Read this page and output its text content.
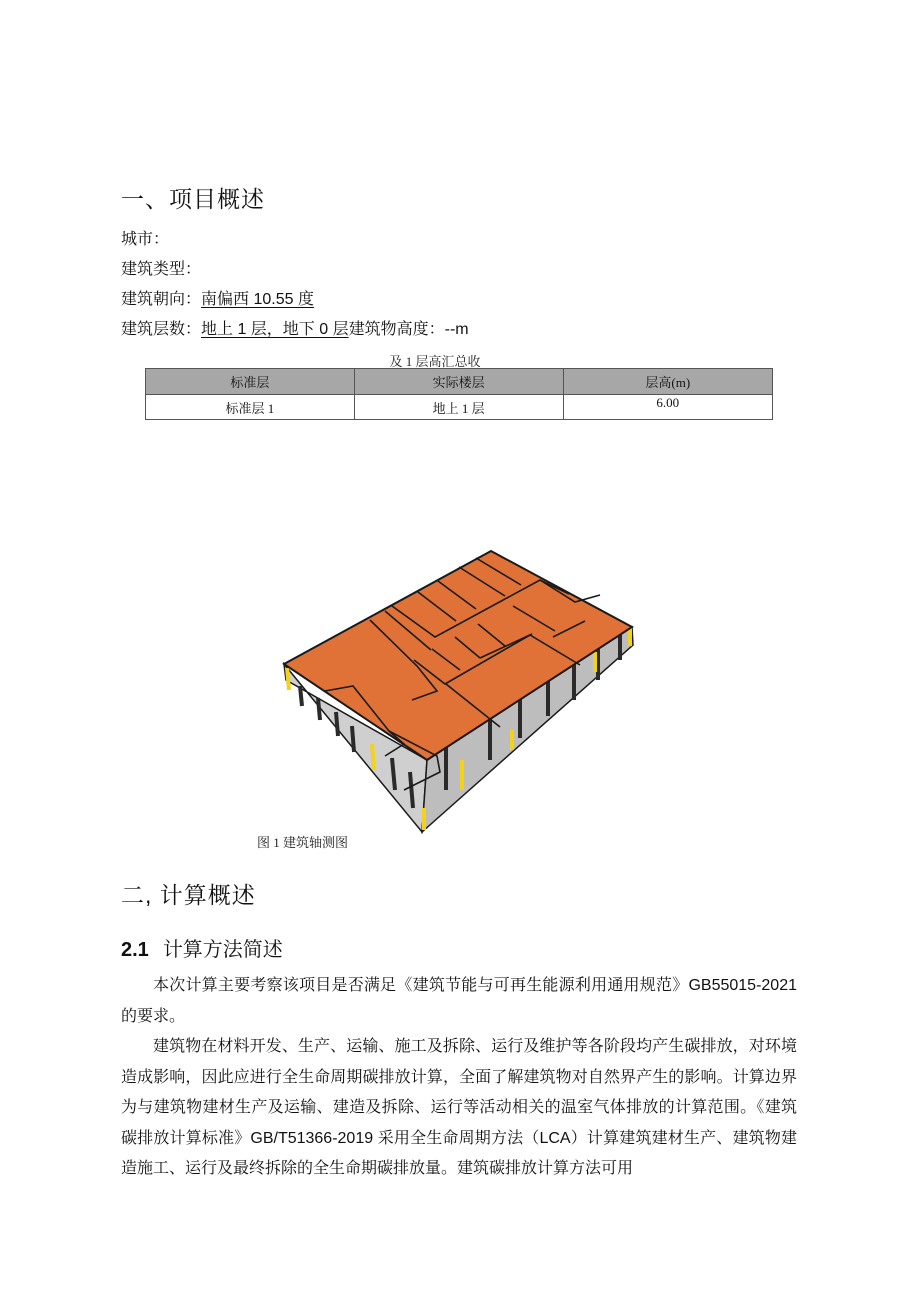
一、项目概述
城市：
建筑类型：
建筑朝向：南偏西 10.55 度
建筑层数：地上 1 层，地下 0 层建筑物高度：--m
及 1 层高汇总收
标准层	实际楼层	层高(m)
标准层 1	地上 1 层	6.00
图 1 建筑轴测图
二, 计算概述
2.1 计算方法简述

本次计算主要考察该项目是否满足《建筑节能与可再生能源利用通用规范》GB55015-2021 的要求。

建筑物在材料开发、生产、运输、施工及拆除、运行及维护等各阶段均产生碳排放，对环境造成影响，因此应进行全生命周期碳排放计算，全面了解建筑物对自然界产生的影响。计算边界为与建筑物建材生产及运输、建造及拆除、运行等活动相关的温室气体排放的计算范围。《建筑碳排放计算标准》GB/T51366-2019 采用全生命周期方法（LCA）计算建筑建材生产、建筑物建造施工、运行及最终拆除的全生命期碳排放量。建筑碳排放计算方法可用
